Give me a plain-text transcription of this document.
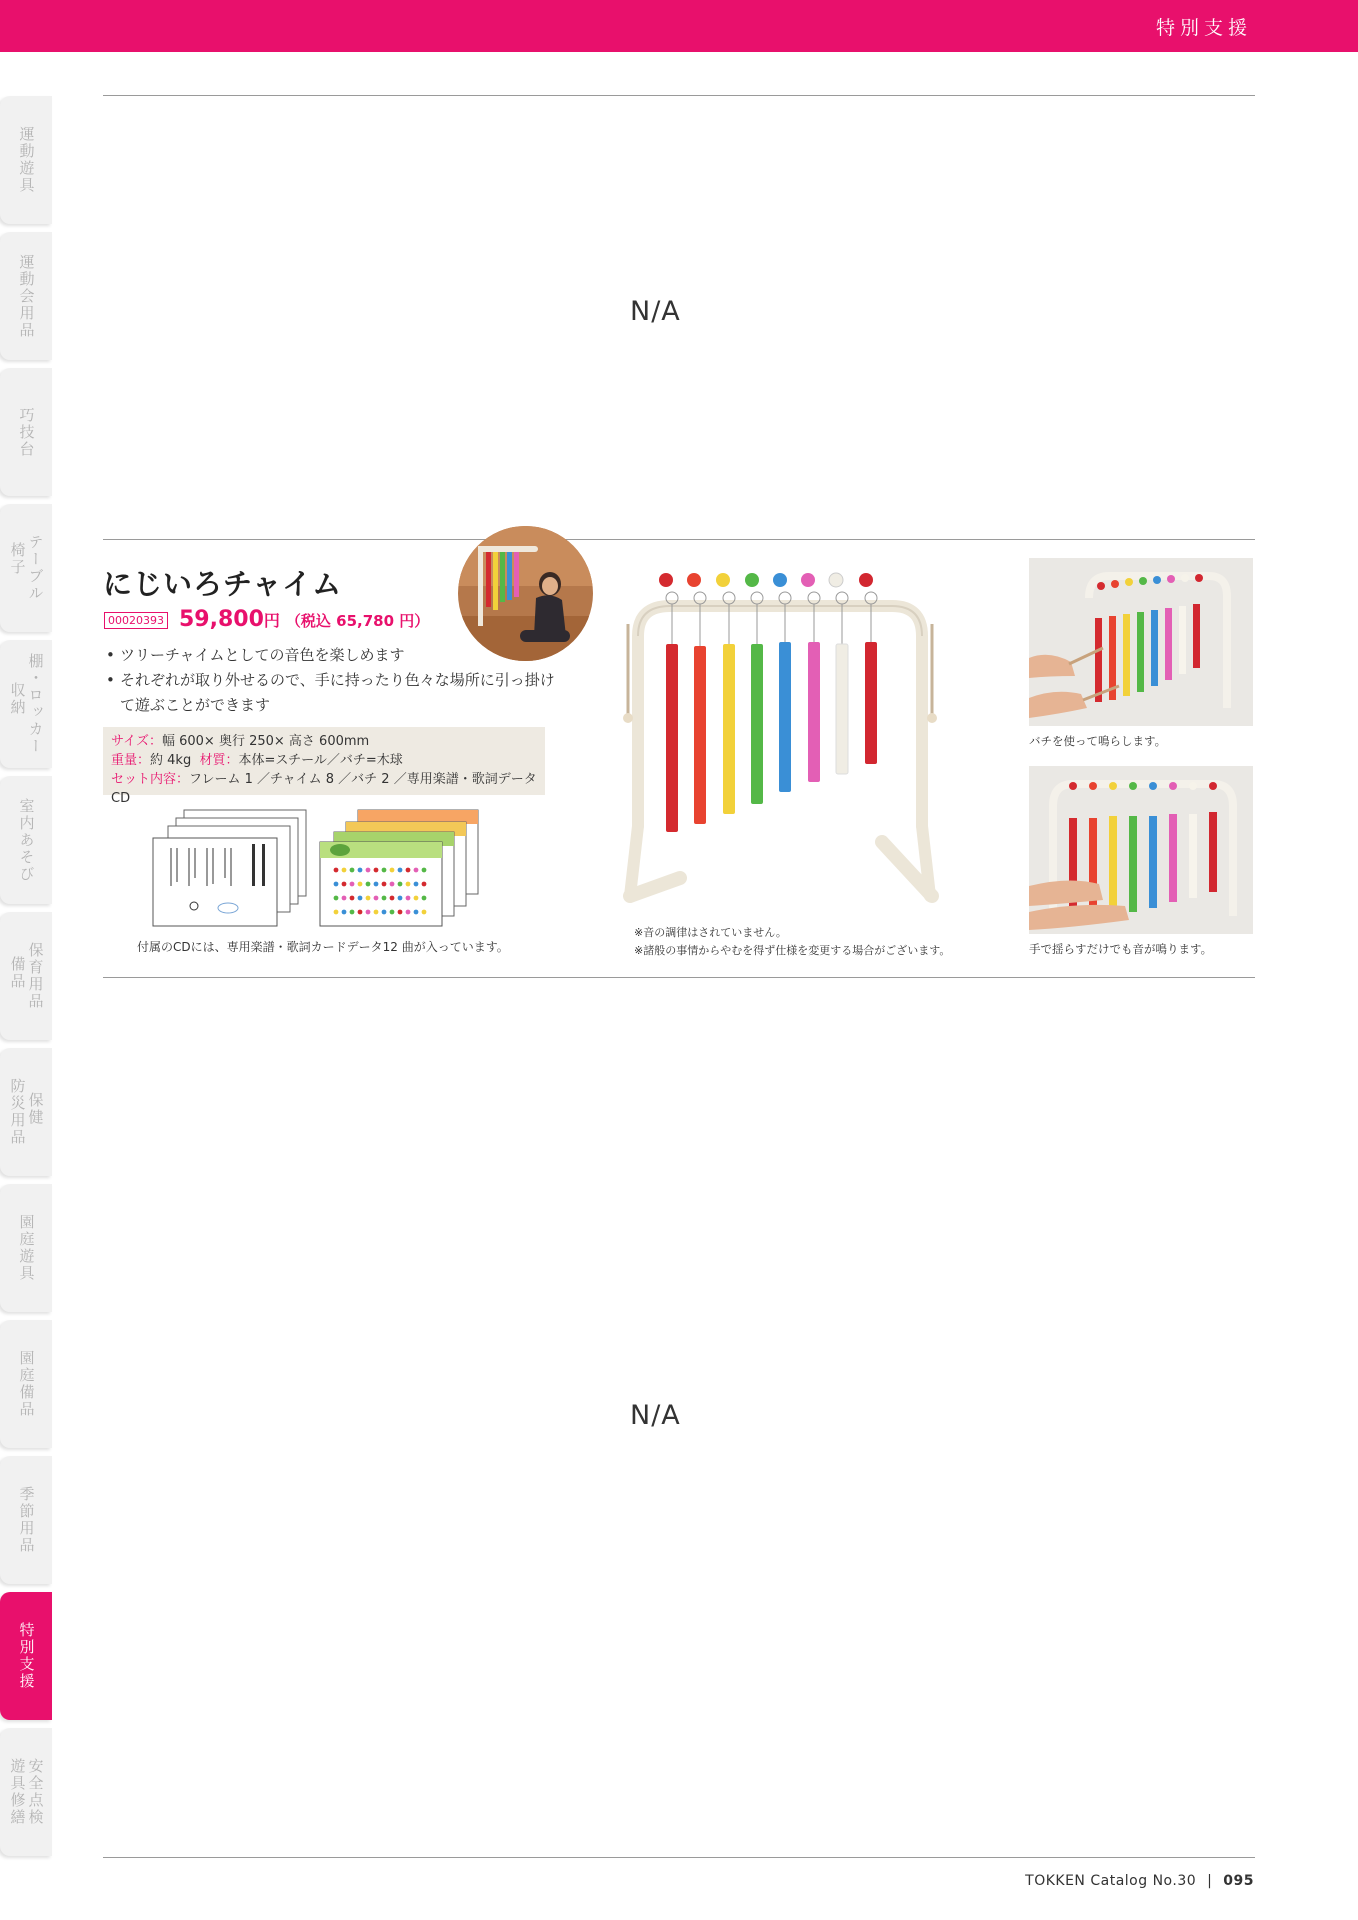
特別支援
N/A
にじいろチャイム
00020393 59,800円 （税込 65,780 円）
• ツリーチャイムとしての音色を楽しめます
• それぞれが取り外せるので、手に持ったり色々な場所に引っ掛けて遊ぶことができます
サイズ：幅 600× 奥行 250× 高さ 600mm
重量：約 4kg 材質：本体=スチール／バチ=木球
セット内容：フレーム 1 ／チャイム 8 ／バチ 2 ／専用楽譜・歌詞データ CD
付属のCDには、専用楽譜・歌詞カードデータ12 曲が入っています。
※音の調律はされていません。
※諸般の事情からやむを得ず仕様を変更する場合がございます。
バチを使って鳴らします。
手で揺らすだけでも音が鳴ります。
N/A
運動遊具
運動会用品
巧技台
テーブル
椅子
棚・ロッカー
収納
室内あそび
保育用品
備品
保健
防災用品
園庭遊具
園庭備品
季節用品
特別支援
安全点検
遊具修繕
TOKKEN Catalog No.30 | 095
